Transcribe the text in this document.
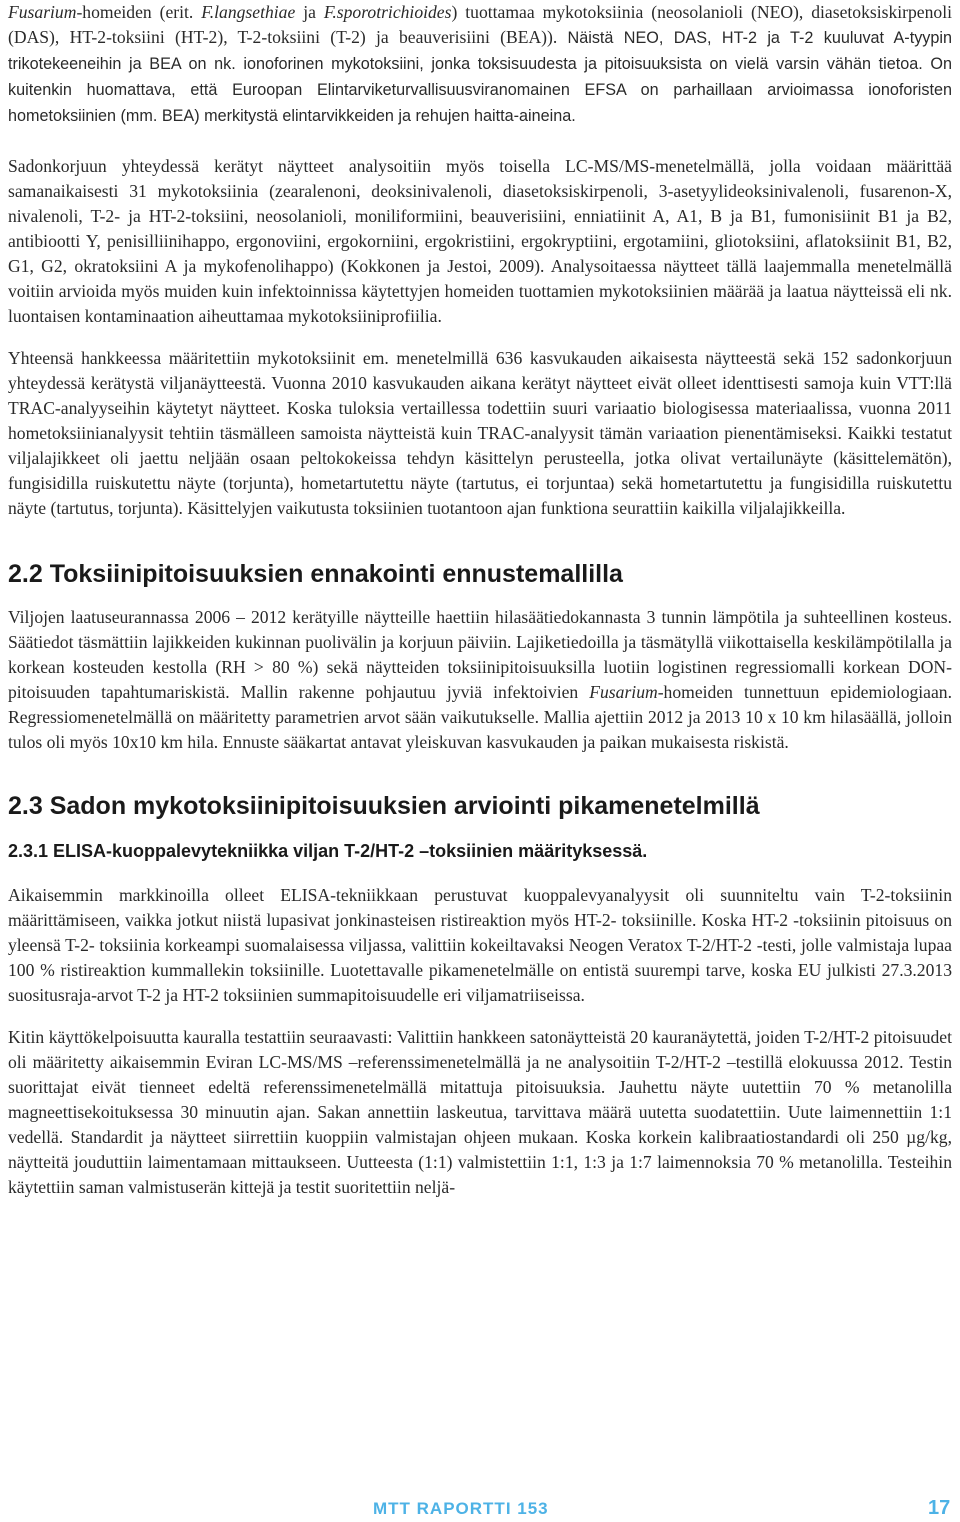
Fusarium-homeiden (erit. F.langsethiae ja F.sporotrichioides) tuottamaa mykotoksiinia (neosolanioli (NEO), diasetoksiskirpenoli (DAS), HT-2-toksiini (HT-2), T-2-toksiini (T-2) ja beauverisiini (BEA)). Näistä NEO, DAS, HT-2 ja T-2 kuuluvat A-tyypin trikotekeeneihin ja BEA on nk. ionoforinen mykotoksiini, jonka toksisuudesta ja pitoisuuksista on vielä varsin vähän tietoa. On kuitenkin huomattava, että Euroopan Elintarviketurvallisuusviranomainen EFSA on parhaillaan arvioimassa ionoforisten hometoksiinien (mm. BEA) merkitystä elintarvikkeiden ja rehujen haitta-aineina.

Sadonkorjuun yhteydessä kerätyt näytteet analysoitiin myös toisella LC-MS/MS-menetelmällä, jolla voidaan määrittää samanaikaisesti 31 mykotoksiinia (zearalenoni, deoksinivalenoli, diasetoksiskirpenoli, 3-asetyylideoksinivalenoli, fusarenon-X, nivalenoli, T-2- ja HT-2-toksiini, neosolanioli, moniliformiini, beauverisiini, enniatiinit A, A1, B ja B1, fumonisiinit B1 ja B2, antibiootti Y, penisilliinihappo, ergonoviini, ergokorniini, ergokristiini, ergokryptiini, ergotamiini, gliotoksiini, aflatoksiinit B1, B2, G1, G2, okratoksiini A ja mykofenolihappo) (Kokkonen ja Jestoi, 2009). Analysoitaessa näytteet tällä laajemmalla menetelmällä voitiin arvioida myös muiden kuin infektoinnissa käytettyjen homeiden tuottamien mykotoksiinien määrää ja laatua näytteissä eli nk. luontaisen kontaminaation aiheuttamaa mykotoksiiniprofiilia.

Yhteensä hankkeessa määritettiin mykotoksiinit em. menetelmillä 636 kasvukauden aikaisesta näytteestä sekä 152 sadonkorjuun yhteydessä kerätystä viljanäytteestä. Vuonna 2010 kasvukauden aikana kerätyt näytteet eivät olleet identtisesti samoja kuin VTT:llä TRAC-analyyseihin käytetyt näytteet. Koska tuloksia vertaillessa todettiin suuri variaatio biologisessa materiaalissa, vuonna 2011 hometoksiinianalyysit tehtiin täsmälleen samoista näytteistä kuin TRAC-analyysit tämän variaation pienentämiseksi. Kaikki testatut viljalajikkeet oli jaettu neljään osaan peltokokeissa tehdyn käsittelyn perusteella, jotka olivat vertailunäyte (käsittelemätön), fungisidilla ruiskutettu näyte (torjunta), hometartutettu näyte (tartutus, ei torjuntaa) sekä hometartutettu ja fungisidilla ruiskutettu näyte (tartutus, torjunta). Käsittelyjen vaikutusta toksiinien tuotantoon ajan funktiona seurattiin kaikilla viljalajikkeilla.

2.2 Toksiinipitoisuuksien ennakointi ennustemallilla

Viljojen laatuseurannassa 2006 – 2012 kerätyille näytteille haettiin hilasäätiedokannasta 3 tunnin lämpötila ja suhteellinen kosteus. Säätiedot täsmättiin lajikkeiden kukinnan puolivälin ja korjuun päiviin. Lajiketiedoilla ja täsmätyllä viikottaisella keskilämpötilalla ja korkean kosteuden kestolla (RH > 80 %) sekä näytteiden toksiinipitoisuuksilla luotiin logistinen regressiomalli korkean DON-pitoisuuden tapahtumariskistä. Mallin rakenne pohjautuu jyviä infektoivien Fusarium-homeiden tunnettuun epidemiologiaan. Regressiomenetelmällä on määritetty parametrien arvot sään vaikutukselle. Mallia ajettiin 2012 ja 2013 10 x 10 km hilasäällä, jolloin tulos oli myös 10x10 km hila. Ennuste sääkartat antavat yleiskuvan kasvukauden ja paikan mukaisesta riskistä.

2.3 Sadon mykotoksiinipitoisuuksien arviointi pikamenetelmillä
2.3.1 ELISA-kuoppalevytekniikka viljan T-2/HT-2 –toksiinien määrityksessä.

Aikaisemmin markkinoilla olleet ELISA-tekniikkaan perustuvat kuoppalevyanalyysit oli suunniteltu vain T-2-toksiinin määrittämiseen, vaikka jotkut niistä lupasivat jonkinasteisen ristireaktion myös HT-2- toksiinille. Koska HT-2 -toksiinin pitoisuus on yleensä T-2- toksiinia korkeampi suomalaisessa viljassa, valittiin kokeiltavaksi Neogen Veratox T-2/HT-2 -testi, jolle valmistaja lupaa 100 % ristireaktion kummallekin toksiinille. Luotettavalle pikamenetelmälle on entistä suurempi tarve, koska EU julkisti 27.3.2013 suositusraja-arvot T-2 ja HT-2 toksiinien summapitoisuudelle eri viljamatriiseissa.

Kitin käyttökelpoisuutta kauralla testattiin seuraavasti: Valittiin hankkeen satonäytteistä 20 kauranäytettä, joiden T-2/HT-2 pitoisuudet oli määritetty aikaisemmin Eviran LC-MS/MS –referenssimenetelmällä ja ne analysoitiin T-2/HT-2 –testillä elokuussa 2012. Testin suorittajat eivät tienneet edeltä referenssimenetelmällä mitattuja pitoisuuksia. Jauhettu näyte uutettiin 70 % metanolilla magneettisekoituksessa 30 minuutin ajan. Sakan annettiin laskeutua, tarvittava määrä uutetta suodatettiin. Uute laimennettiin 1:1 vedellä. Standardit ja näytteet siirrettiin kuoppiin valmistajan ohjeen mukaan. Koska korkein kalibraatiostandardi oli 250 µg/kg, näytteitä jouduttiin laimentamaan mittaukseen. Uutteesta (1:1) valmistettiin 1:1, 1:3 ja 1:7 laimennoksia 70 % metanolilla. Testeihin käytettiin saman valmistuserän kittejä ja testit suoritettiin neljä-

MTT RAPORTTI 153	17
